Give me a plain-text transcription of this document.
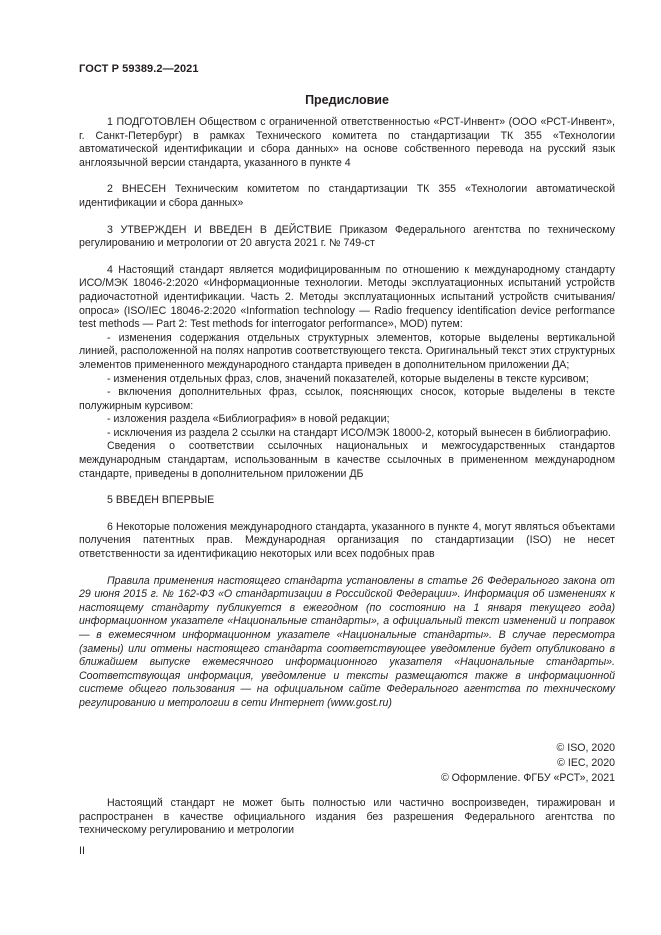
ГОСТ Р 59389.2—2021
Предисловие

1 ПОДГОТОВЛЕН Обществом с ограниченной ответственностью «РСТ-Инвент» (ООО «РСТ-Инвент», г. Санкт-Петербург) в рамках Технического комитета по стандартизации ТК 355 «Технологии автоматической идентификации и сбора данных» на основе собственного перевода на русский язык англоязычной версии стандарта, указанного в пункте 4

2 ВНЕСЕН Техническим комитетом по стандартизации ТК 355 «Технологии автоматической идентификации и сбора данных»

3 УТВЕРЖДЕН И ВВЕДЕН В ДЕЙСТВИЕ Приказом Федерального агентства по техническому регулированию и метрологии от 20 августа 2021 г. № 749-ст

4 Настоящий стандарт является модифицированным по отношению к международному стандарту ИСО/МЭК 18046-2:2020 «Информационные технологии. Методы эксплуатационных испытаний устройств радиочастотной идентификации. Часть 2. Методы эксплуатационных испытаний устройств считывания/опроса» (ISO/IEC 18046-2:2020 «Information technology — Radio frequency identification device performance test methods — Part 2: Test methods for interrogator performance», MOD) путем:

- изменения содержания отдельных структурных элементов, которые выделены вертикальной линией, расположенной на полях напротив соответствующего текста. Оригинальный текст этих структурных элементов примененного международного стандарта приведен в дополнительном приложении ДА;
- изменения отдельных фраз, слов, значений показателей, которые выделены в тексте курсивом;
- включения дополнительных фраз, ссылок, поясняющих сносок, которые выделены в тексте полужирным курсивом:
- изложения раздела «Библиография» в новой редакции;
- исключения из раздела 2 ссылки на стандарт ИСО/МЭК 18000-2, который вынесен в библиографию.

Сведения о соответствии ссылочных национальных и межгосударственных стандартов международным стандартам, использованным в качестве ссылочных в примененном международном стандарте, приведены в дополнительном приложении ДБ

5 ВВЕДЕН ВПЕРВЫЕ

6 Некоторые положения международного стандарта, указанного в пункте 4, могут являться объектами получения патентных прав. Международная организация по стандартизации (ISO) не несет ответственности за идентификацию некоторых или всех подобных прав

Правила применения настоящего стандарта установлены в статье 26 Федерального закона от 29 июня 2015 г. № 162-ФЗ «О стандартизации в Российской Федерации». Информация об изменениях к настоящему стандарту публикуется в ежегодном (по состоянию на 1 января текущего года) информационном указателе «Национальные стандарты», а официальный текст изменений и поправок — в ежемесячном информационном указателе «Национальные стандарты». В случае пересмотра (замены) или отмены настоящего стандарта соответствующее уведомление будет опубликовано в ближайшем выпуске ежемесячного информационного указателя «Национальные стандарты». Соответствующая информация, уведомление и тексты размещаются также в информационной системе общего пользования — на официальном сайте Федерального агентства по техническому регулированию и метрологии в сети Интернет (www.gost.ru)

© ISO, 2020
© IEC, 2020
© Оформление. ФГБУ «РСТ», 2021

Настоящий стандарт не может быть полностью или частично воспроизведен, тиражирован и распространен в качестве официального издания без разрешения Федерального агентства по техническому регулированию и метрологии

II
